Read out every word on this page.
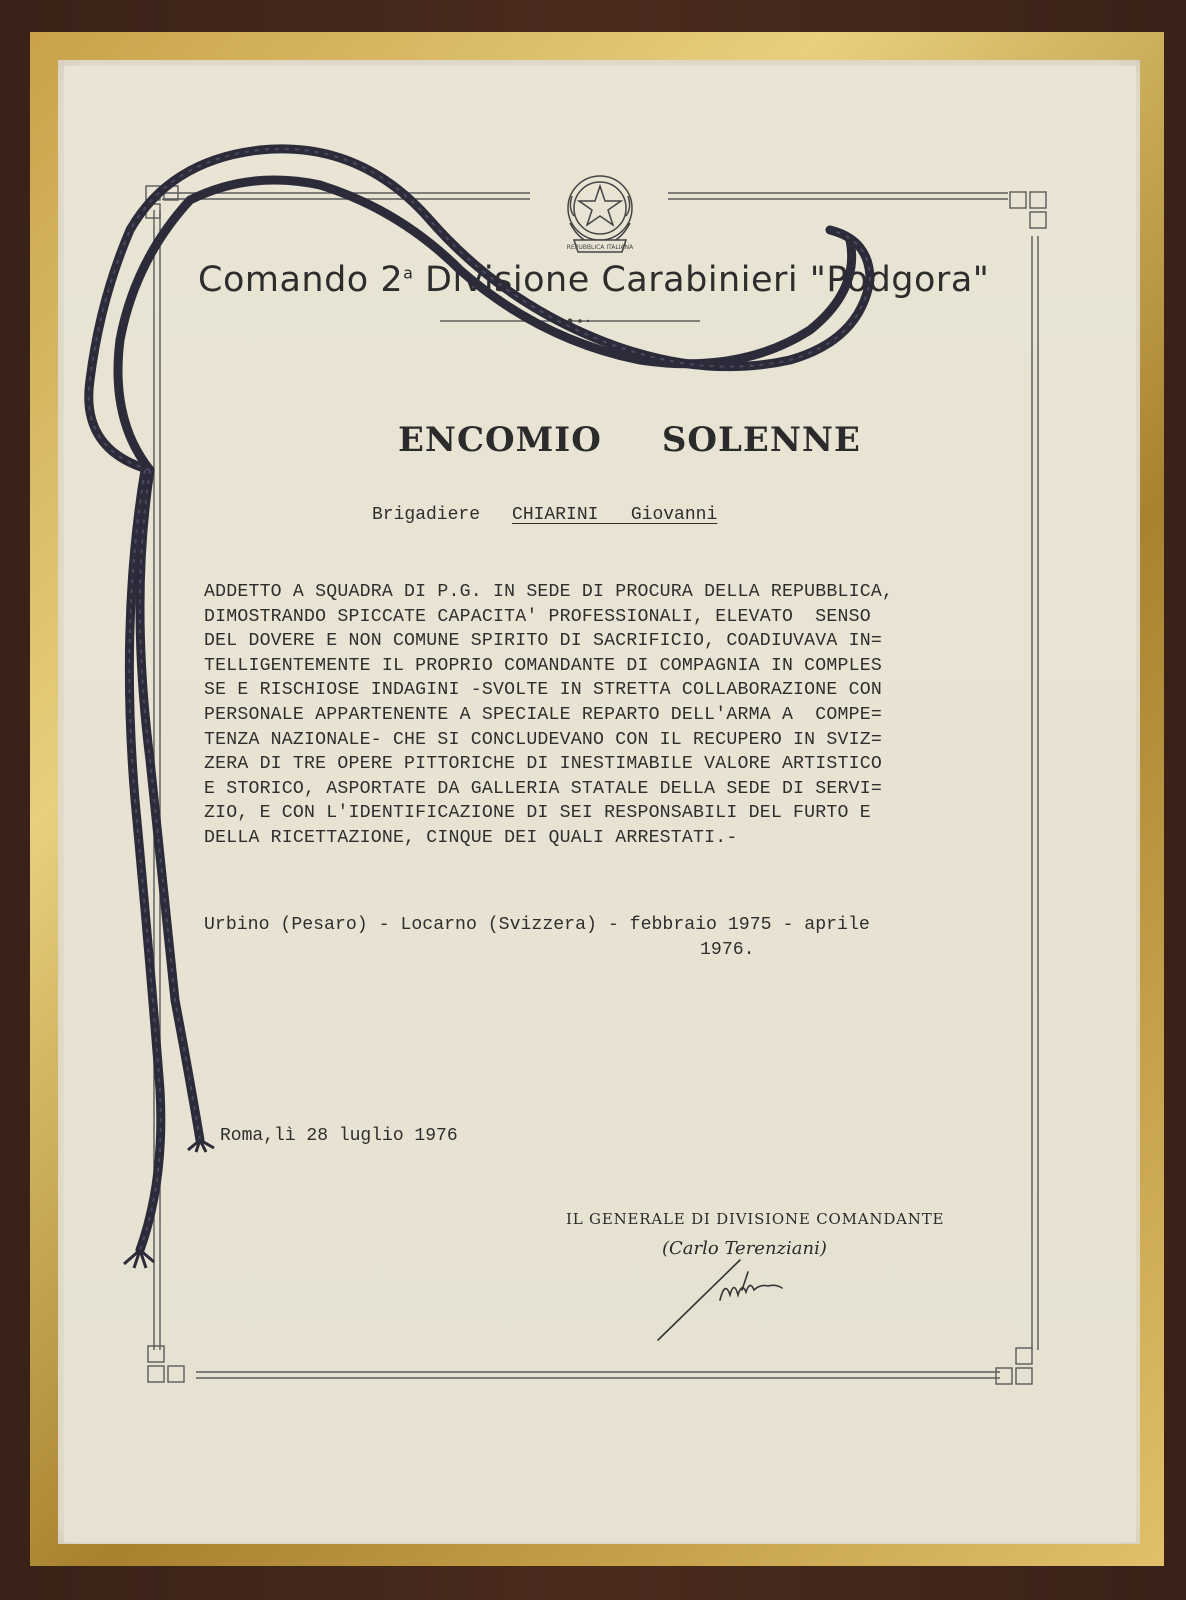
REPUBBLICA ITALIANA
Comando 2$^a$ Divisione Carabinieri "Podgora"
ENCOMIO SOLENNE
Brigadiere CHIARINI   Giovanni
ADDETTO A SQUADRA DI P.G. IN SEDE DI PROCURA DELLA REPUBBLICA,
DIMOSTRANDO SPICCATE CAPACITA' PROFESSIONALI, ELEVATO  SENSO
DEL DOVERE E NON COMUNE SPIRITO DI SACRIFICIO, COADIUVAVA IN=
TELLIGENTEMENTE IL PROPRIO COMANDANTE DI COMPAGNIA IN COMPLES
SE E RISCHIOSE INDAGINI -SVOLTE IN STRETTA COLLABORAZIONE CON
PERSONALE APPARTENENTE A SPECIALE REPARTO DELL'ARMA A  COMPE=
TENZA NAZIONALE- CHE SI CONCLUDEVANO CON IL RECUPERO IN SVIZ=
ZERA DI TRE OPERE PITTORICHE DI INESTIMABILE VALORE ARTISTICO
E STORICO, ASPORTATE DA GALLERIA STATALE DELLA SEDE DI SERVI=
ZIO, E CON L'IDENTIFICAZIONE DI SEI RESPONSABILI DEL FURTO E
DELLA RICETTAZIONE, CINQUE DEI QUALI ARRESTATI.-
Urbino (Pesaro) - Locarno (Svizzera) - febbraio 1975 - aprile
1976.
Roma,lì 28 luglio 1976
IL GENERALE DI DIVISIONE COMANDANTE
(Carlo Terenziani)
